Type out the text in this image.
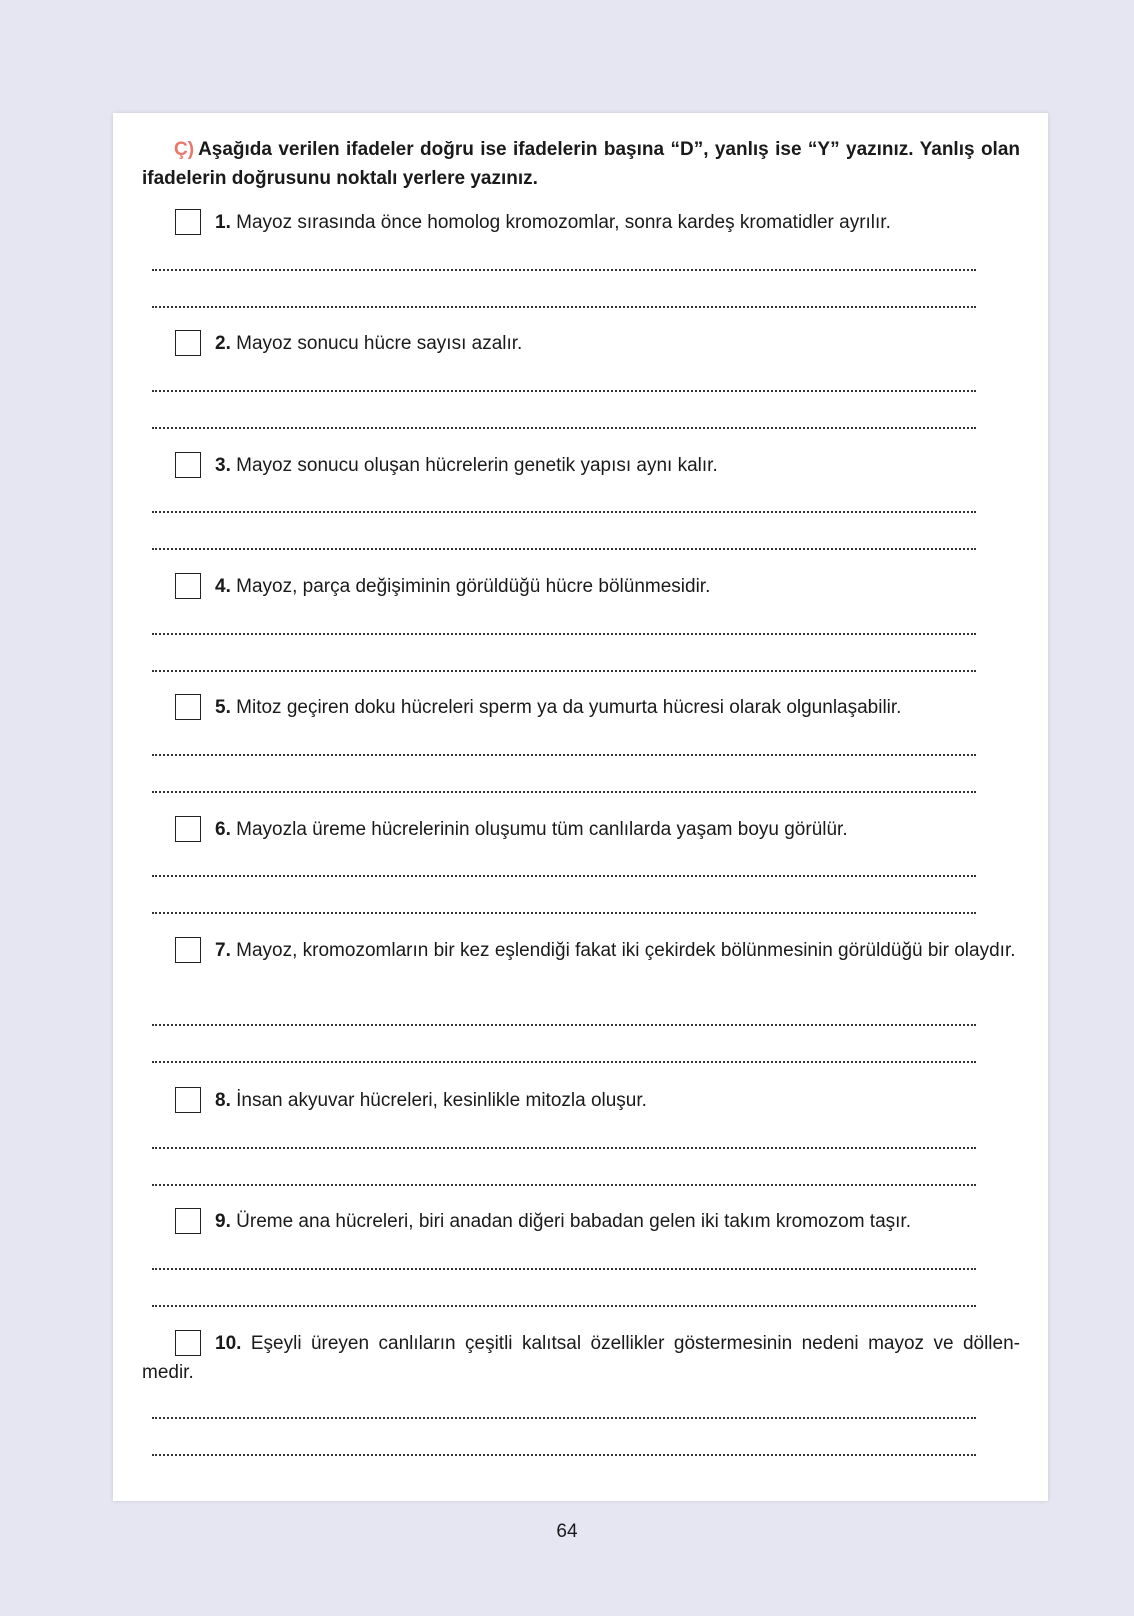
Ç) Aşağıda verilen ifadeler doğru ise ifadelerin başına “D”, yanlış ise “Y” yazınız. Yanlış olan ifadelerin doğrusunu noktalı yerlere yazınız.
1. Mayoz sırasında önce homolog kromozomlar, sonra kardeş kromatidler ayrılır.
2. Mayoz sonucu hücre sayısı azalır.
3. Mayoz sonucu oluşan hücrelerin genetik yapısı aynı kalır.
4. Mayoz, parça değişiminin görüldüğü hücre bölünmesidir.
5. Mitoz geçiren doku hücreleri sperm ya da yumurta hücresi olarak olgunlaşabilir.
6. Mayozla üreme hücrelerinin oluşumu tüm canlılarda yaşam boyu görülür.
7. Mayoz, kromozomların bir kez eşlendiği fakat iki çekirdek bölünmesinin görüldüğü bir olaydır.
8. İnsan akyuvar hücreleri, kesinlikle mitozla oluşur.
9. Üreme ana hücreleri, biri anadan diğeri babadan gelen iki takım kromozom taşır.
10. Eşeyli üreyen canlıların çeşitli kalıtsal özellikler göstermesinin nedeni mayoz ve döllen-medir.
64
